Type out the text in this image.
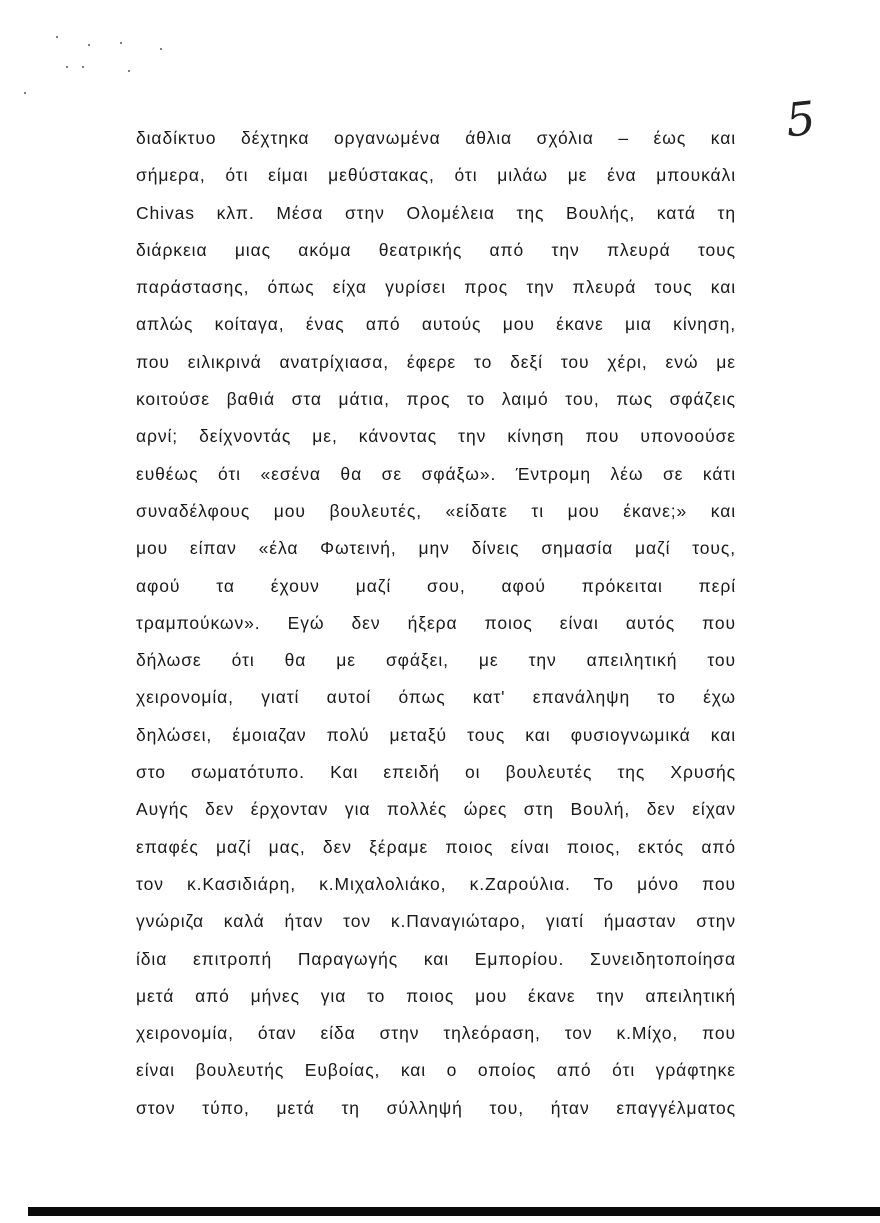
5
διαδίκτυο δέχτηκα οργανωμένα άθλια σχόλια – έως και
σήμερα, ότι είμαι μεθύστακας, ότι μιλάω με ένα μπουκάλι
Chivas κλπ. Μέσα στην Ολομέλεια της Βουλής, κατά τη
διάρκεια μιας ακόμα θεατρικής από την πλευρά τους
παράστασης, όπως είχα γυρίσει προς την πλευρά τους και
απλώς κοίταγα, ένας από αυτούς μου έκανε μια κίνηση,
που ειλικρινά ανατρίχιασα, έφερε το δεξί του χέρι, ενώ με
κοιτούσε βαθιά στα μάτια, προς το λαιμό του, πως σφάζεις
αρνί; δείχνοντάς με, κάνοντας την κίνηση που υπονοούσε
ευθέως ότι «εσένα θα σε σφάξω». Έντρομη λέω σε κάτι
συναδέλφους μου βουλευτές, «είδατε τι μου έκανε;» και
μου είπαν «έλα Φωτεινή, μην δίνεις σημασία μαζί τους,
αφού τα έχουν μαζί σου, αφού πρόκειται περί
τραμπούκων». Εγώ δεν ήξερα ποιος είναι αυτός που
δήλωσε ότι θα με σφάξει, με την απειλητική του
χειρονομία, γιατί αυτοί όπως κατ' επανάληψη το έχω
δηλώσει, έμοιαζαν πολύ μεταξύ τους και φυσιογνωμικά και
στο σωματότυπο. Και επειδή οι βουλευτές της Χρυσής
Αυγής δεν έρχονταν για πολλές ώρες στη Βουλή, δεν είχαν
επαφές μαζί μας, δεν ξέραμε ποιος είναι ποιος, εκτός από
τον κ.Κασιδιάρη, κ.Μιχαλολιάκο, κ.Ζαρούλια. Το μόνο που
γνώριζα καλά ήταν τον κ.Παναγιώταρο, γιατί ήμασταν στην
ίδια επιτροπή Παραγωγής και Εμπορίου. Συνειδητοποίησα
μετά από μήνες για το ποιος μου έκανε την απειλητική
χειρονομία, όταν είδα στην τηλεόραση, τον κ.Μίχο, που
είναι βουλευτής Ευβοίας, και ο οποίος από ότι γράφτηκε
στον τύπο, μετά τη σύλληψή του, ήταν επαγγέλματος
